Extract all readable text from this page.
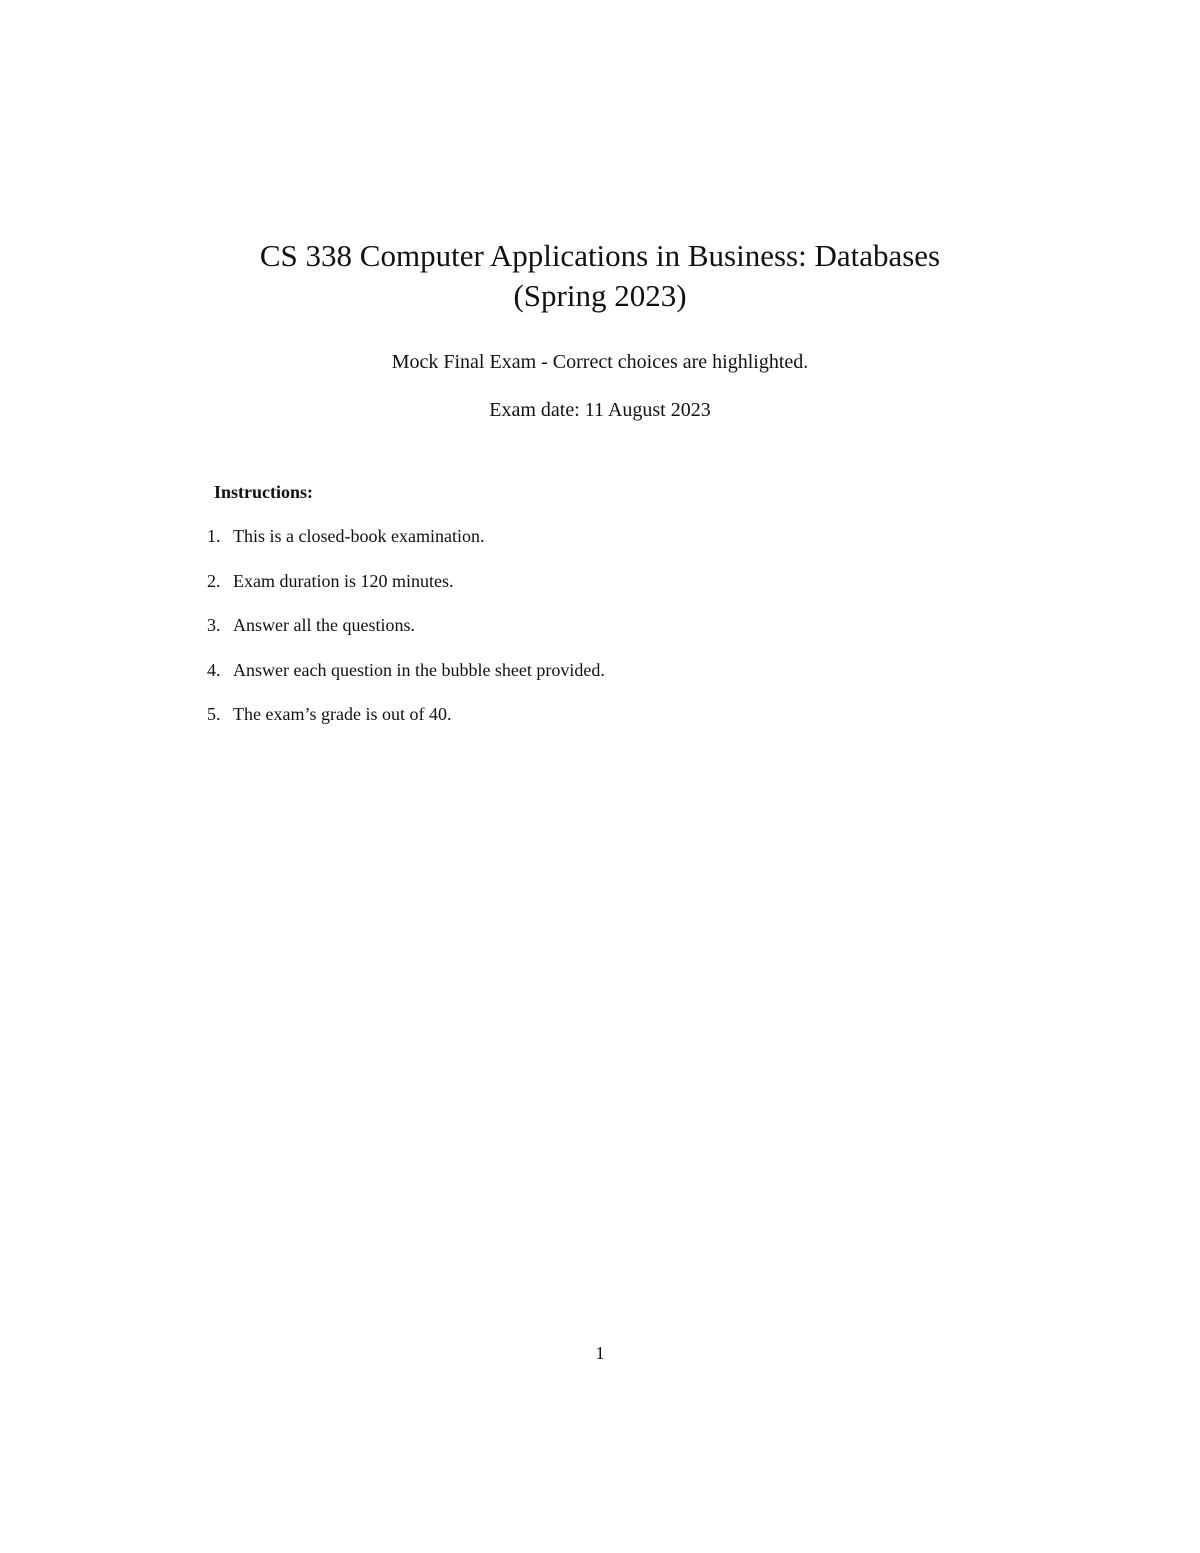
CS 338 Computer Applications in Business: Databases
(Spring 2023)

Mock Final Exam - Correct choices are highlighted.

Exam date: 11 August 2023

Instructions:

1. This is a closed-book examination.
2. Exam duration is 120 minutes.
3. Answer all the questions.
4. Answer each question in the bubble sheet provided.
5. The exam’s grade is out of 40.

1
